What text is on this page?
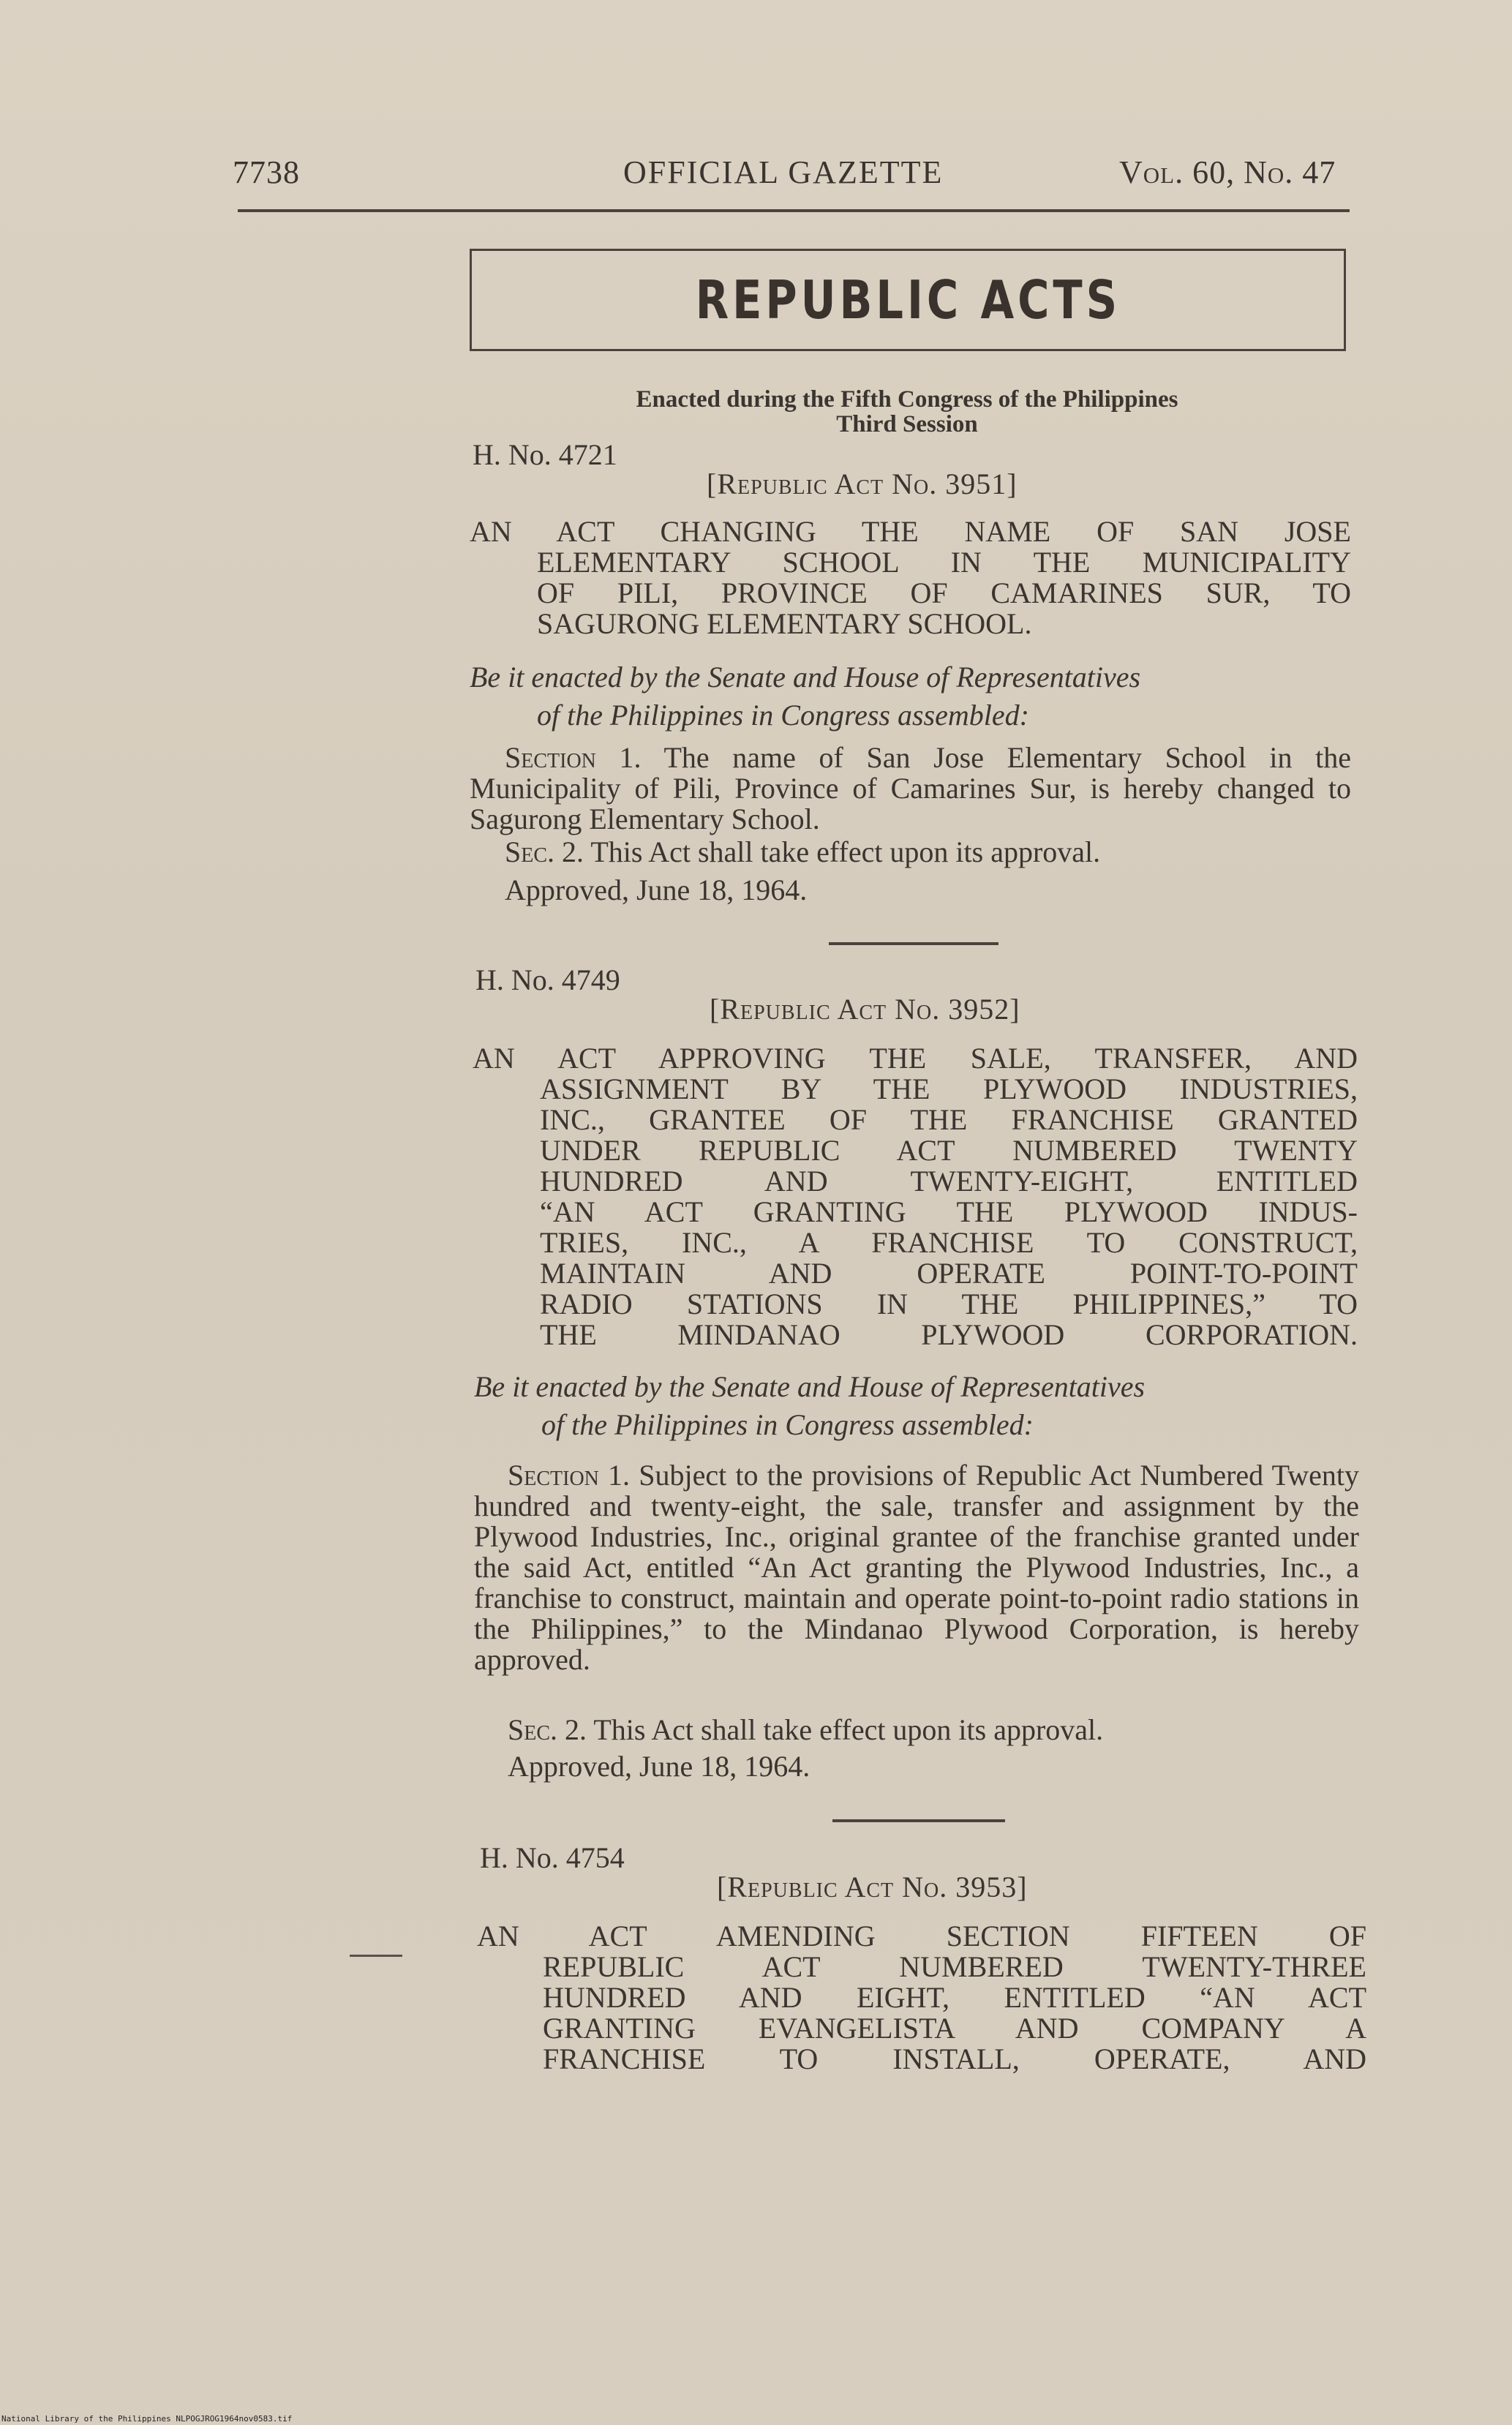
7738	OFFICIAL GAZETTE	Vol. 60, No. 47
REPUBLIC ACTS
Enacted during the Fifth Congress of the Philippines
Third Session
H. No. 4721
[Republic Act No. 3951]
AN ACT CHANGING THE NAME OF SAN JOSE
ELEMENTARY SCHOOL IN THE MUNICIPALITY
OF PILI, PROVINCE OF CAMARINES SUR, TO
SAGURONG ELEMENTARY SCHOOL.
Be it enacted by the Senate and House of Representatives
of the Philippines in Congress assembled:
Section 1. The name of San Jose Elementary School in the Municipality of Pili, Province of Camarines Sur, is hereby changed to Sagurong Elementary School.
Sec. 2. This Act shall take effect upon its approval.
Approved, June 18, 1964.
H. No. 4749
[Republic Act No. 3952]
AN ACT APPROVING THE SALE, TRANSFER, AND
ASSIGNMENT BY THE PLYWOOD INDUSTRIES,
INC., GRANTEE OF THE FRANCHISE GRANTED
UNDER REPUBLIC ACT NUMBERED TWENTY
HUNDRED AND TWENTY-EIGHT, ENTITLED
“AN ACT GRANTING THE PLYWOOD INDUS-
TRIES, INC., A FRANCHISE TO CONSTRUCT,
MAINTAIN AND OPERATE POINT-TO-POINT
RADIO STATIONS IN THE PHILIPPINES,” TO
THE MINDANAO PLYWOOD CORPORATION.
Be it enacted by the Senate and House of Representatives
of the Philippines in Congress assembled:
Section 1. Subject to the provisions of Republic Act Numbered Twenty hundred and twenty-eight, the sale, transfer and assignment by the Plywood Industries, Inc., original grantee of the franchise granted under the said Act, entitled “An Act granting the Plywood Industries, Inc., a franchise to construct, maintain and operate point-to-point radio stations in the Philippines,” to the Mindanao Plywood Corporation, is hereby approved.
Sec. 2. This Act shall take effect upon its approval.
Approved, June 18, 1964.
H. No. 4754
[Republic Act No. 3953]
AN ACT AMENDING SECTION FIFTEEN OF
REPUBLIC ACT NUMBERED TWENTY-THREE
HUNDRED AND EIGHT, ENTITLED “AN ACT
GRANTING EVANGELISTA AND COMPANY A
FRANCHISE TO INSTALL, OPERATE, AND
National Library of the Philippines NLPOGJROG1964nov0583.tif
